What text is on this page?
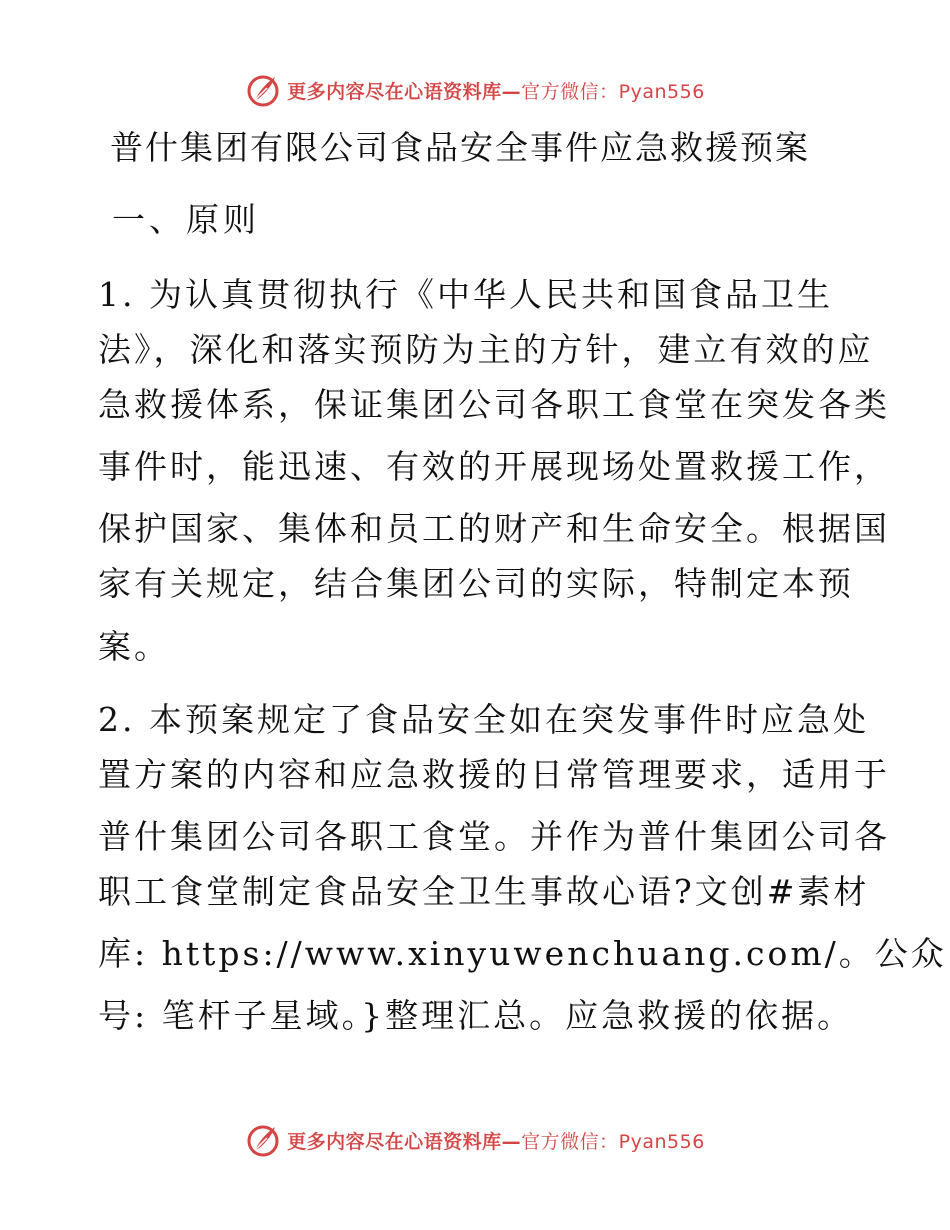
更多内容尽在心语资料库—官方微信：Pyan556
普什集团有限公司食品安全事件应急救援预案
一、原则
1. 为认真贯彻执行《中华人民共和国食品卫生
法》，深化和落实预防为主的方针，建立有效的应
急救援体系，保证集团公司各职工食堂在突发各类
事件时，能迅速、有效的开展现场处置救援工作，
保护国家、集体和员工的财产和生命安全。根据国
家有关规定，结合集团公司的实际，特制定本预
案。
2. 本预案规定了食品安全如在突发事件时应急处
置方案的内容和应急救援的日常管理要求，适用于
普什集团公司各职工食堂。并作为普什集团公司各
职工食堂制定食品安全卫生事故心语?文创#素材
库: https://www.xinyuwenchuang.com/。公众
号: 笔杆子星域。}整理汇总。应急救援的依据。
更多内容尽在心语资料库—官方微信：Pyan556
